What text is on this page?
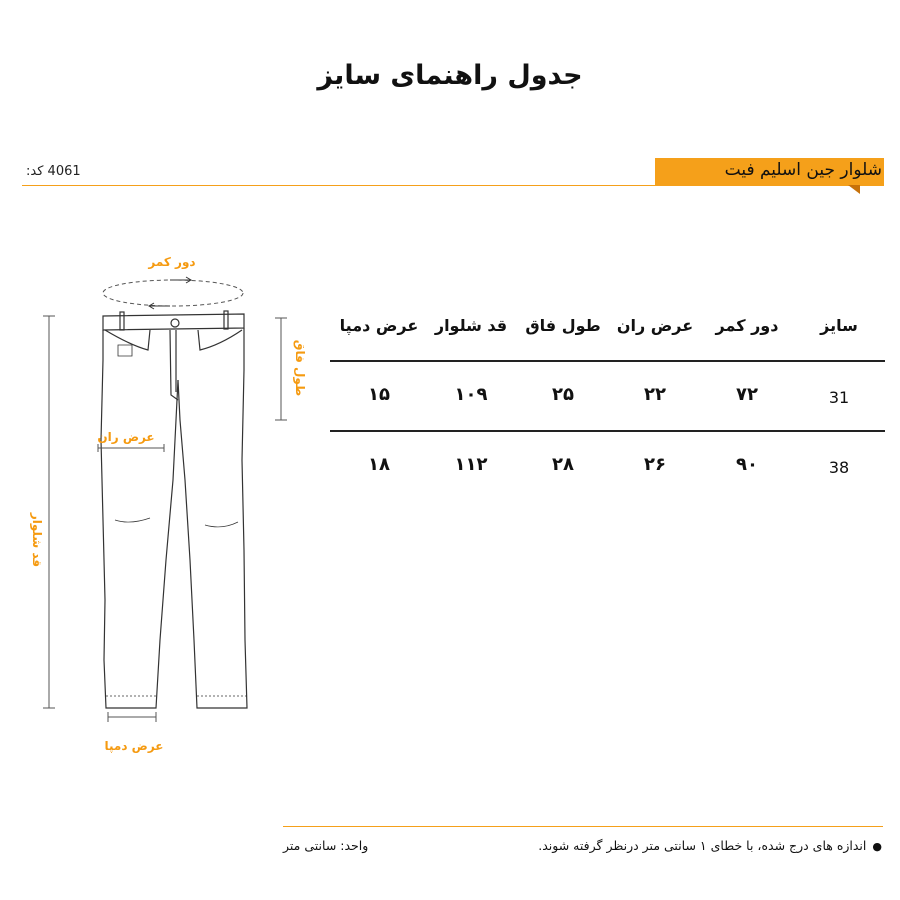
جدول راهنمای سایز
شلوار جین اسلیم فیت
4061 کد:
دور کمر
طول فاق
عرض ران
قد شلوار
عرض دمپا
سایز
دور کمر
عرض ران
طول فاق
قد شلوار
عرض دمپا
31
۷۲
۲۲
۲۵
۱۰۹
۱۵
38
۹۰
۲۶
۲۸
۱۱۲
۱۸
●اندازه های درج شده، با خطای ۱ سانتی متر درنظر گرفته شوند.
واحد: سانتی متر
